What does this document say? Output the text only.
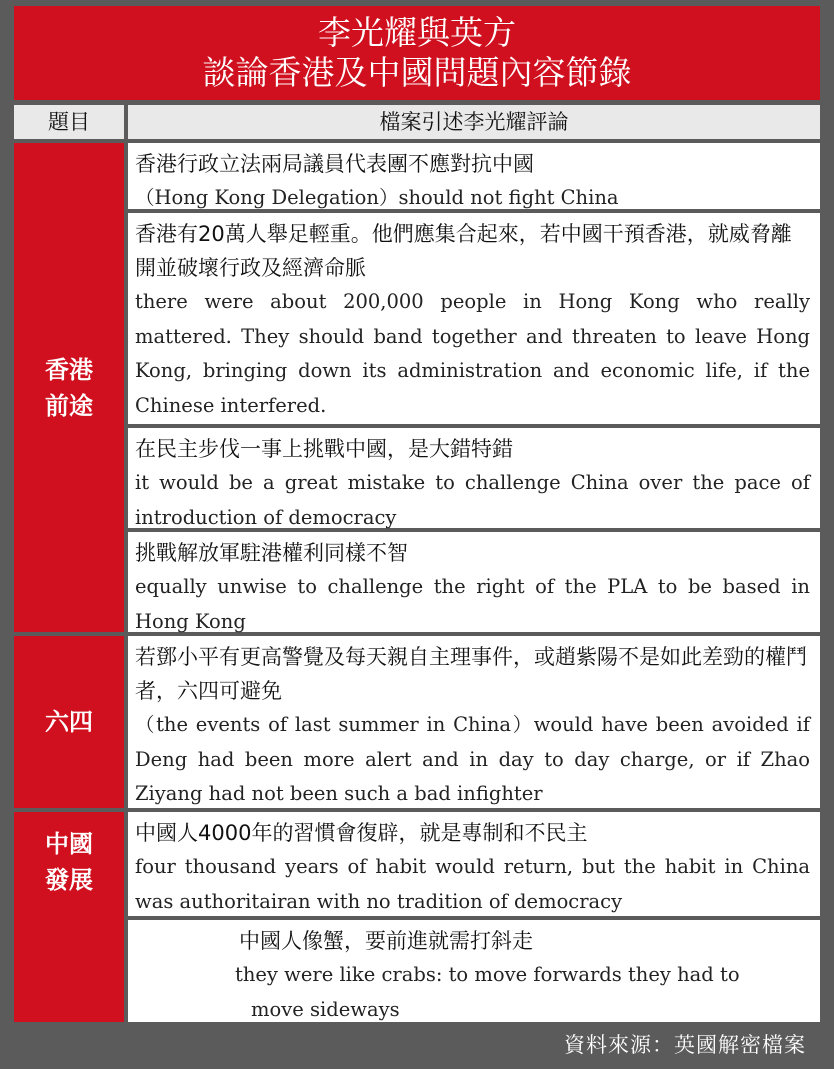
李光耀與英方
談論香港及中國問題內容節錄
題目	檔案引述李光耀評論
香港
前途
六四
中國
發展

香港行政立法兩局議員代表團不應對抗中國

（Hong Kong Delegation）should not fight China

香港有20萬人舉足輕重。他們應集合起來，若中國干預香港，就威脅離開並破壞行政及經濟命脈

there were about 200,000 people in Hong Kong who really mattered. They should band together and threaten to leave Hong Kong, bringing down its administration and economic life, if the Chinese interfered.

在民主步伐一事上挑戰中國，是大錯特錯

it would be a great mistake to challenge China over the pace of introduction of democracy

挑戰解放軍駐港權利同樣不智

equally unwise to challenge the right of the PLA to be based in Hong Kong

若鄧小平有更高警覺及每天親自主理事件，或趙紫陽不是如此差勁的權鬥者，六四可避免

（the events of last summer in China）would have been avoided if Deng had been more alert and in day to day charge, or if Zhao Ziyang had not been such a bad infighter

中國人4000年的習慣會復辟，就是專制和不民主

four thousand years of habit would return, but the habit in China was authoritairan with no tradition of democracy

中國人像蟹，要前進就需打斜走

they were like crabs: to move forwards they had to

move sideways

資料來源：英國解密檔案
